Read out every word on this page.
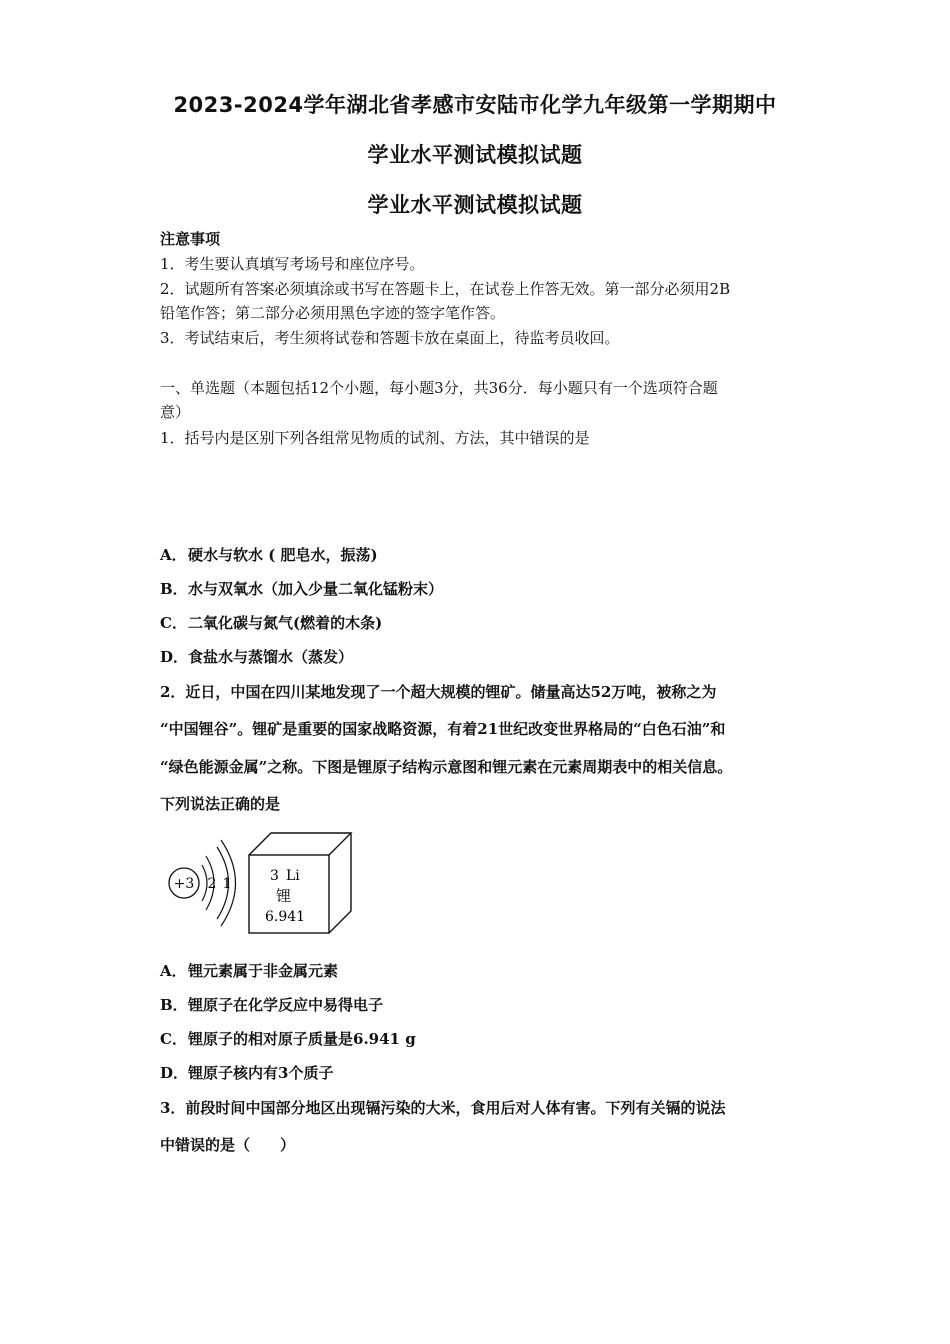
2023-2024学年湖北省孝感市安陆市化学九年级第一学期期中
学业水平测试模拟试题
学业水平测试模拟试题
注意事项
1．考生要认真填写考场号和座位序号。
2．试题所有答案必须填涂或书写在答题卡上，在试卷上作答无效。第一部分必须用2B
铅笔作答；第二部分必须用黑色字迹的签字笔作答。
3．考试结束后，考生须将试卷和答题卡放在桌面上，待监考员收回。
一、单选题（本题包括12个小题，每小题3分，共36分．每小题只有一个选项符合题
意）
1．括号内是区别下列各组常见物质的试剂、方法，其中错误的是
A．硬水与软水 ( 肥皂水，振荡)
B．水与双氧水（加入少量二氧化锰粉末）
C．二氧化碳与氮气(燃着的木条)
D．食盐水与蒸馏水（蒸发）
2．近日，中国在四川某地发现了一个超大规模的锂矿。储量高达52万吨，被称之为
“中国锂谷”。锂矿是重要的国家战略资源，有着21世纪改变世界格局的“白色石油”和
“绿色能源金属”之称。下图是锂原子结构示意图和锂元素在元素周期表中的相关信息。
下列说法正确的是
+3 2 1	3 Li
锂
6.941
A．锂元素属于非金属元素
B．锂原子在化学反应中易得电子
C．锂原子的相对原子质量是6.941 g
D．锂原子核内有3个质子
3．前段时间中国部分地区出现镉污染的大米，食用后对人体有害。下列有关镉的说法
中错误的是（　　）
